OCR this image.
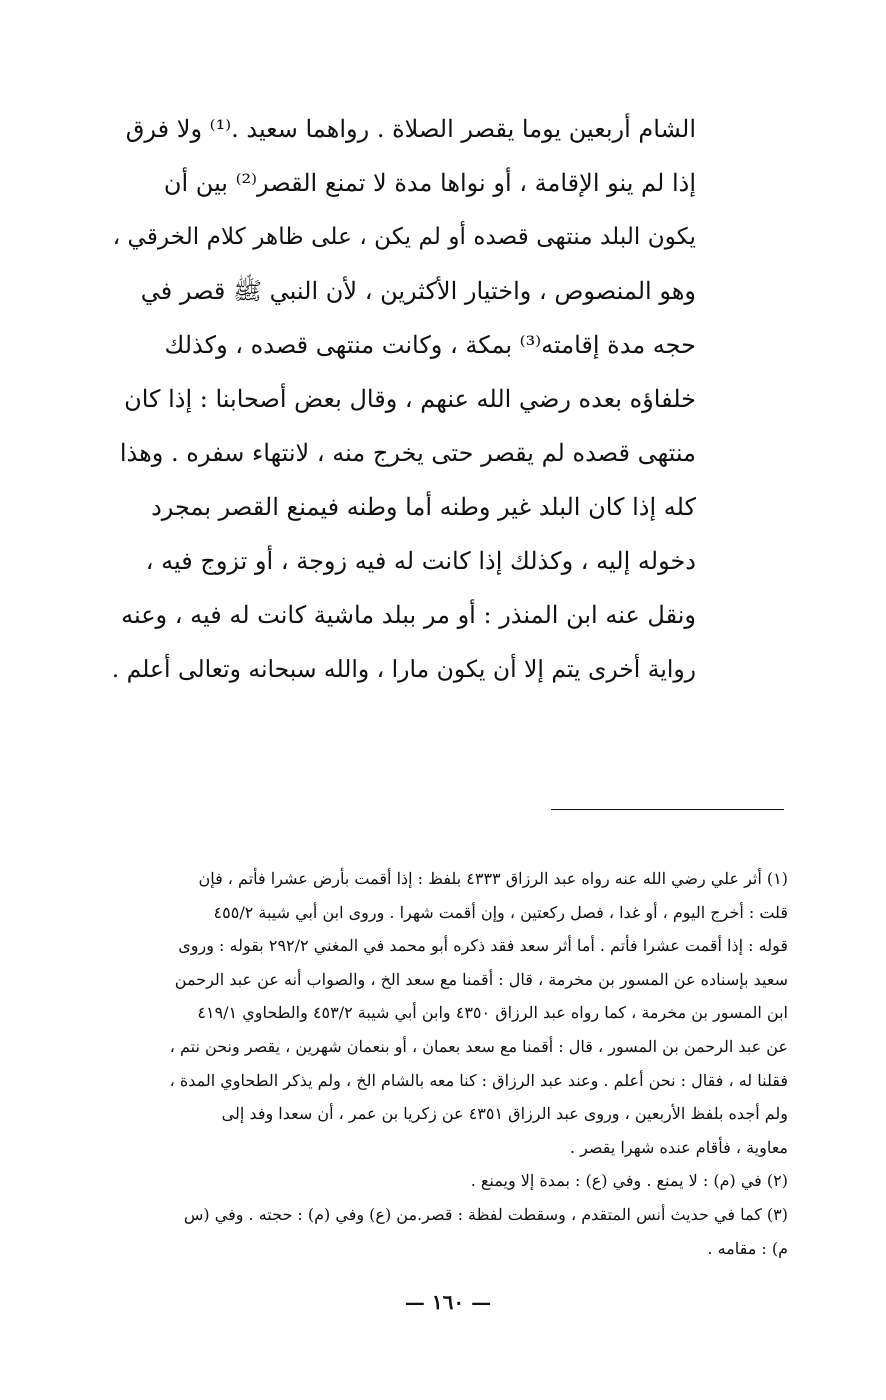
الشام أربعين يوما يقصر الصلاة . رواهما سعيد .⁽¹⁾ ولا فرق
إذا لم ينو الإقامة ، أو نواها مدة لا تمنع القصر⁽²⁾ بين أن
يكون البلد منتهى قصده أو لم يكن ، على ظاهر كلام الخرقي ،
وهو المنصوص ، واختيار الأكثرين ، لأن النبي ﷺ قصر في
حجه مدة إقامته⁽³⁾ بمكة ، وكانت منتهى قصده ، وكذلك
خلفاؤه بعده رضي الله عنهم ، وقال بعض أصحابنا : إذا كان
منتهى قصده لم يقصر حتى يخرج منه ، لانتهاء سفره . وهذا
كله إذا كان البلد غير وطنه أما وطنه فيمنع القصر بمجرد
دخوله إليه ، وكذلك إذا كانت له فيه زوجة ، أو تزوج فيه ،
ونقل عنه ابن المنذر : أو مر ببلد ماشية كانت له فيه ، وعنه
رواية أخرى يتم إلا أن يكون مارا ، والله سبحانه وتعالى أعلم .
(١) أثر علي رضي الله عنه رواه عبد الرزاق ٤٣٣٣ بلفظ : إذا أقمت بأرض عشرا فأتم ، فإن
قلت : أخرج اليوم ، أو غدا ، فصل ركعتين ، وإن أقمت شهرا . وروى ابن أبي شيبة ٤٥٥/٢
قوله : إذا أقمت عشرا فأتم . أما أثر سعد فقد ذكره أبو محمد في المغني ٢٩٢/٢ بقوله : وروى
سعيد بإسناده عن المسور بن مخرمة ، قال : أقمنا مع سعد الخ ، والصواب أنه عن عبد الرحمن
ابن المسور بن مخرمة ، كما رواه عبد الرزاق ٤٣٥٠ وابن أبي شيبة ٤٥٣/٢ والطحاوي ٤١٩/١
عن عبد الرحمن بن المسور ، قال : أقمنا مع سعد بعمان ، أو بنعمان شهرين ، يقصر ونحن نتم ،
فقلنا له ، فقال : نحن أعلم . وعند عبد الرزاق : كنا معه بالشام الخ ، ولم يذكر الطحاوي المدة ،
ولم أجده بلفظ الأربعين ، وروى عبد الرزاق ٤٣٥١ عن زكريا بن عمر ، أن سعدا وفد إلى
معاوية ، فأقام عنده شهرا يقصر .
(٢) في (م) : لا يمنع . وفي (ع) : بمدة إلا ويمنع .
(٣) كما في حديث أنس المتقدم ، وسقطت لفظة : قصر.من (ع) وفي (م) : حجته . وفي (س
م) : مقامه .
— ١٦٠ —
